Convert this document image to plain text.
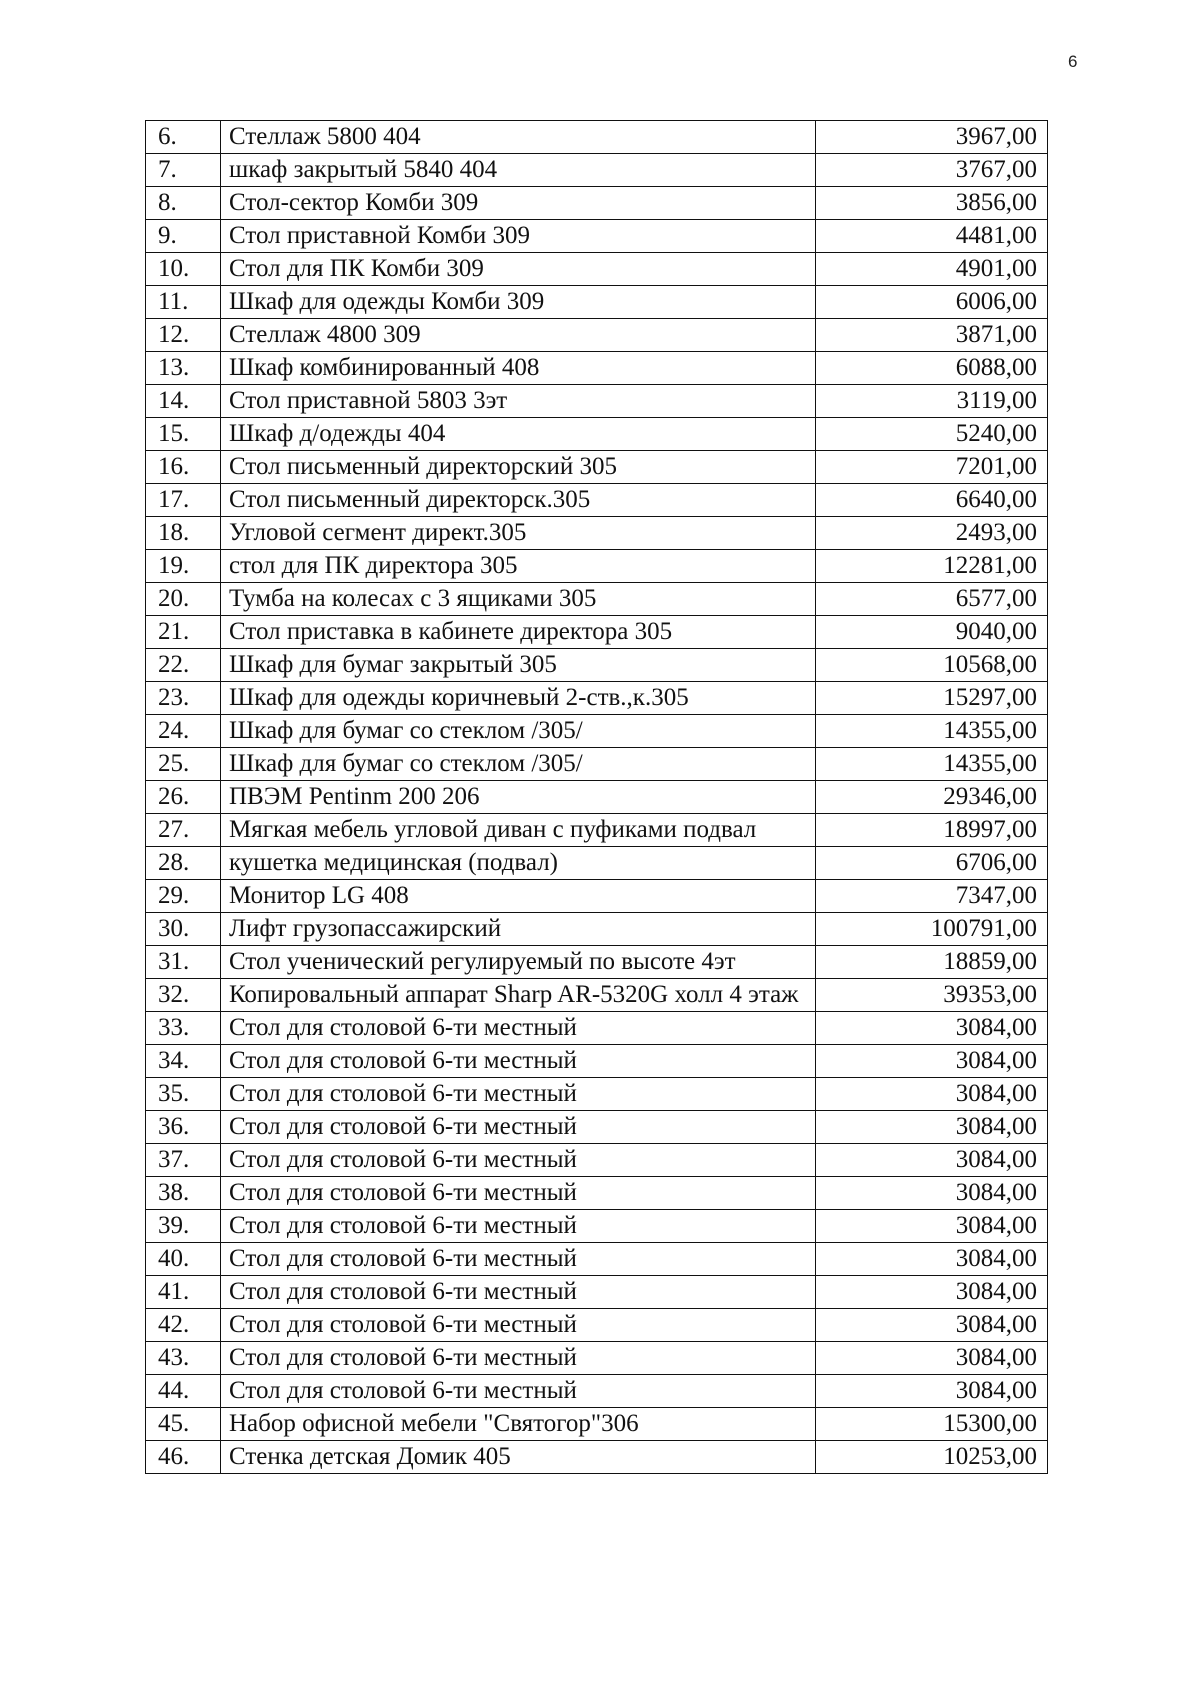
6
6.	Стеллаж 5800 404	3967,00
7.	шкаф закрытый 5840 404	3767,00
8.	Стол-сектор Комби 309	3856,00
9.	Стол приставной Комби 309	4481,00
10.	Стол для ПК Комби 309	4901,00
11.	Шкаф для одежды Комби 309	6006,00
12.	Стеллаж 4800 309	3871,00
13.	Шкаф комбинированный 408	6088,00
14.	Стол приставной 5803 3эт	3119,00
15.	Шкаф д/одежды 404	5240,00
16.	Стол письменный директорский 305	7201,00
17.	Стол письменный директорск.305	6640,00
18.	Угловой сегмент директ.305	2493,00
19.	стол для ПК директора 305	12281,00
20.	Тумба на колесах с 3 ящиками 305	6577,00
21.	Стол приставка в кабинете директора 305	9040,00
22.	Шкаф для бумаг закрытый 305	10568,00
23.	Шкаф для одежды коричневый 2-ств.,к.305	15297,00
24.	Шкаф для бумаг со стеклом /305/	14355,00
25.	Шкаф для бумаг со стеклом /305/	14355,00
26.	ПВЭМ Pentinm 200 206	29346,00
27.	Мягкая мебель угловой диван с пуфиками подвал	18997,00
28.	кушетка медицинская (подвал)	6706,00
29.	Монитор LG 408	7347,00
30.	Лифт грузопассажирский	100791,00
31.	Стол ученический регулируемый по высоте 4эт	18859,00
32.	Копировальный аппарат Sharp AR-5320G холл 4 этаж	39353,00
33.	Стол для столовой 6-ти местный	3084,00
34.	Стол для столовой 6-ти местный	3084,00
35.	Стол для столовой 6-ти местный	3084,00
36.	Стол для столовой 6-ти местный	3084,00
37.	Стол для столовой 6-ти местный	3084,00
38.	Стол для столовой 6-ти местный	3084,00
39.	Стол для столовой 6-ти местный	3084,00
40.	Стол для столовой 6-ти местный	3084,00
41.	Стол для столовой 6-ти местный	3084,00
42.	Стол для столовой 6-ти местный	3084,00
43.	Стол для столовой 6-ти местный	3084,00
44.	Стол для столовой 6-ти местный	3084,00
45.	Набор офисной мебели "Святогор"306	15300,00
46.	Стенка детская Домик 405	10253,00
